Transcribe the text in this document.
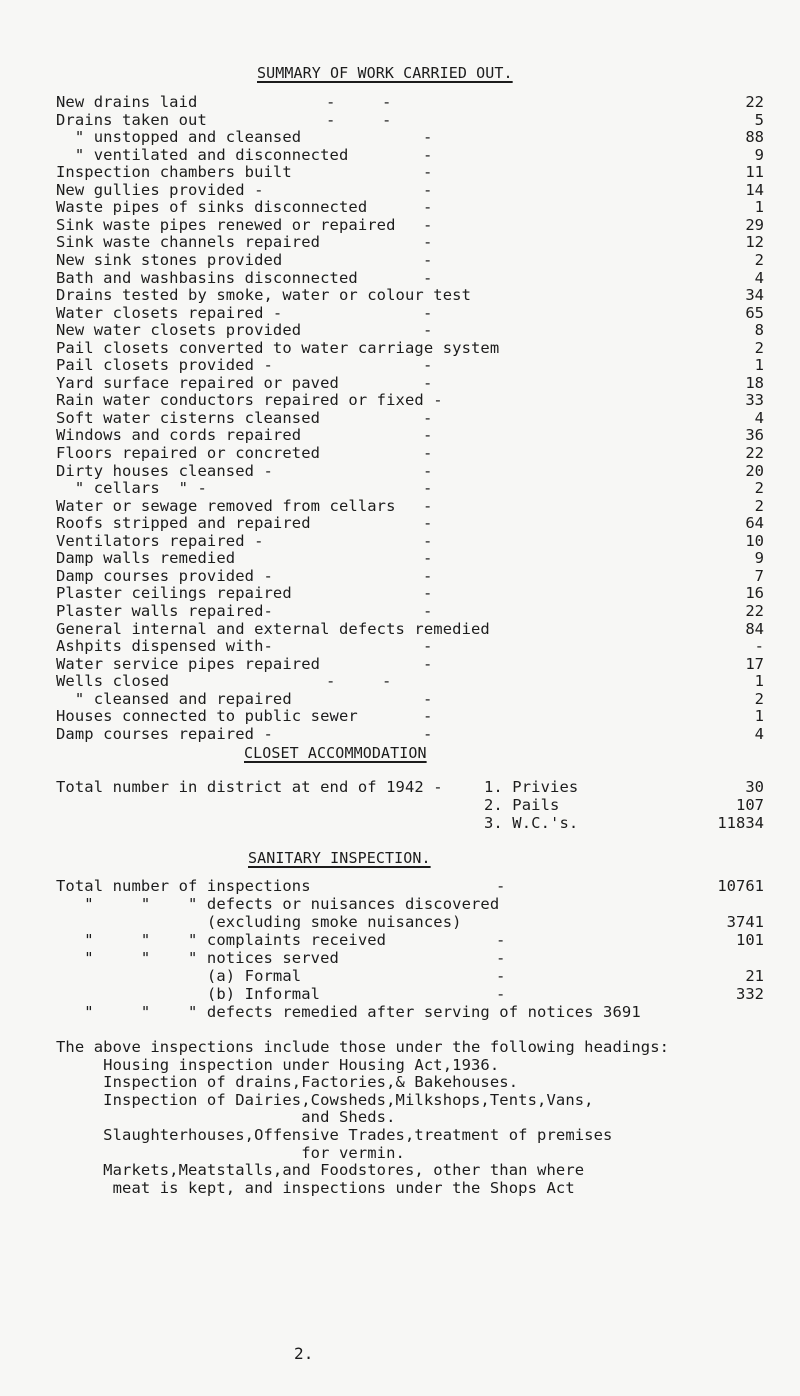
SUMMARY OF WORK CARRIED OUT.
New drains laid	-     -	22
Drains taken out	-     -	5
" unstopped and cleansed	-	88
" ventilated and disconnected	-	9
Inspection chambers built	-	11
New gullies provided -	-	14
Waste pipes of sinks disconnected	-	1
Sink waste pipes renewed or repaired -	29
Sink waste channels repaired	-	12
New sink stones provided	-	2
Bath and washbasins disconnected	-	4
Drains tested by smoke, water or colour test	34
Water closets repaired -	-	65
New water closets provided	-	8
Pail closets converted to water carriage system	2
Pail closets provided -	-	1
Yard surface repaired or paved	-	18
Rain water conductors repaired or fixed -	33
Soft water cisterns cleansed	-	4
Windows and cords repaired	-	36
Floors repaired or concreted	-	22
Dirty houses cleansed -	-	20
" cellars  " -	-	2
Water or sewage removed from cellars -	2
Roofs stripped and repaired	-	64
Ventilators repaired -	-	10
Damp walls remedied	-	9
Damp courses provided -	-	7
Plaster ceilings repaired	-	16
Plaster walls repaired-	-	22
General internal and external defects remedied	84
Ashpits dispensed with-	-	-
Water service pipes repaired	-	17
Wells closed	-     -	1
" cleansed and repaired	-	2
Houses connected to public sewer	-	1
Damp courses repaired -	-	4
CLOSET ACCOMMODATION
Total number in district at end of 1942 -	1. Privies	30
2. Pails	107
3. W.C.'s.	11834
SANITARY INSPECTION.
Total number of inspections	-	10761
"     "    " defects or nuisances discovered
(excluding smoke nuisances)	3741
"     "    " complaints received	-	101
"     "    " notices served	-
(a) Formal	-	21
(b) Informal	-	332
"     "    " defects remedied after serving of notices 3691
The above inspections include those under the following headings:
Housing inspection under Housing Act,1936.
Inspection of drains,Factories,& Bakehouses.
Inspection of Dairies,Cowsheds,Milkshops,Tents,Vans,
and Sheds.
Slaughterhouses,Offensive Trades,treatment of premises
for vermin.
Markets,Meatstalls,and Foodstores, other than where
meat is kept, and inspections under the Shops Act
2.
